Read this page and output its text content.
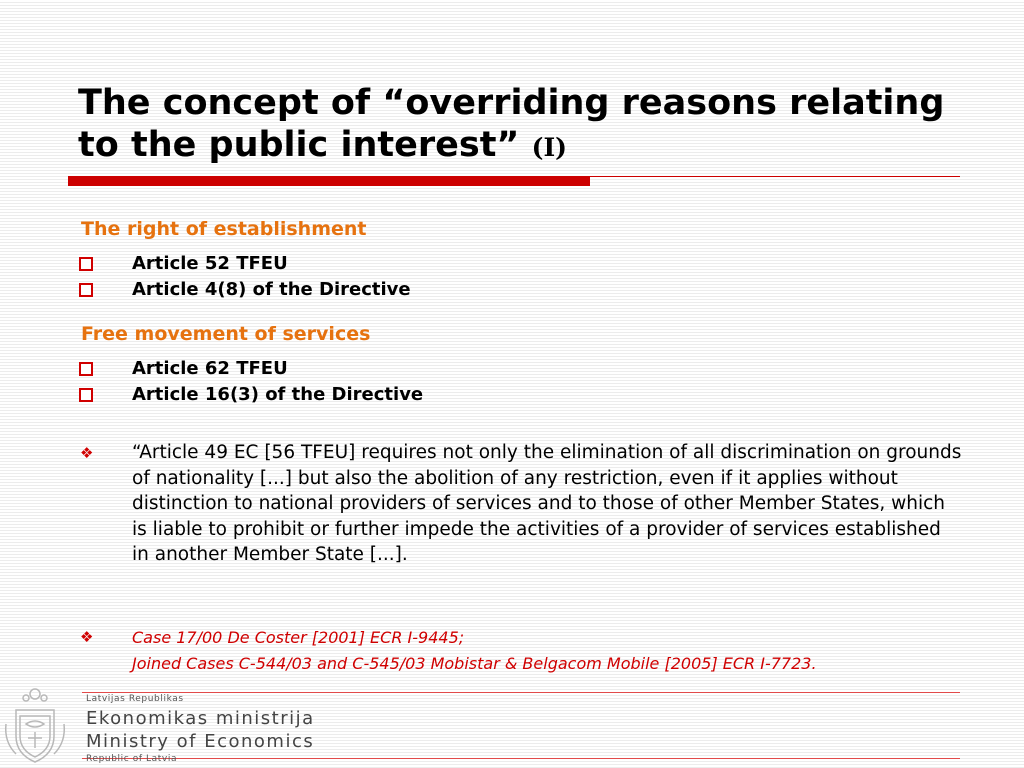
The concept of “overriding reasons relating to the public interest” (I)
The right of establishment
Article 52 TFEU
Article 4(8) of the Directive
Free movement of services
Article 62 TFEU
Article 16(3) of the Directive
❖ “Article 49 EC [56 TFEU] requires not only the elimination of all discrimination on grounds of nationality [...] but also the abolition of any restriction, even if it applies without distinction to national providers of services and to those of other Member States, which is liable to prohibit or further impede the activities of a provider of services established in another Member State [...].
❖ Case 17/00 De Coster [2001] ECR I-9445;
Joined Cases C-544/03 and C-545/03 Mobistar & Belgacom Mobile [2005] ECR I-7723.
Latvijas Republikas
Ekonomikas ministrija
Ministry of Economics
Republic of Latvia
